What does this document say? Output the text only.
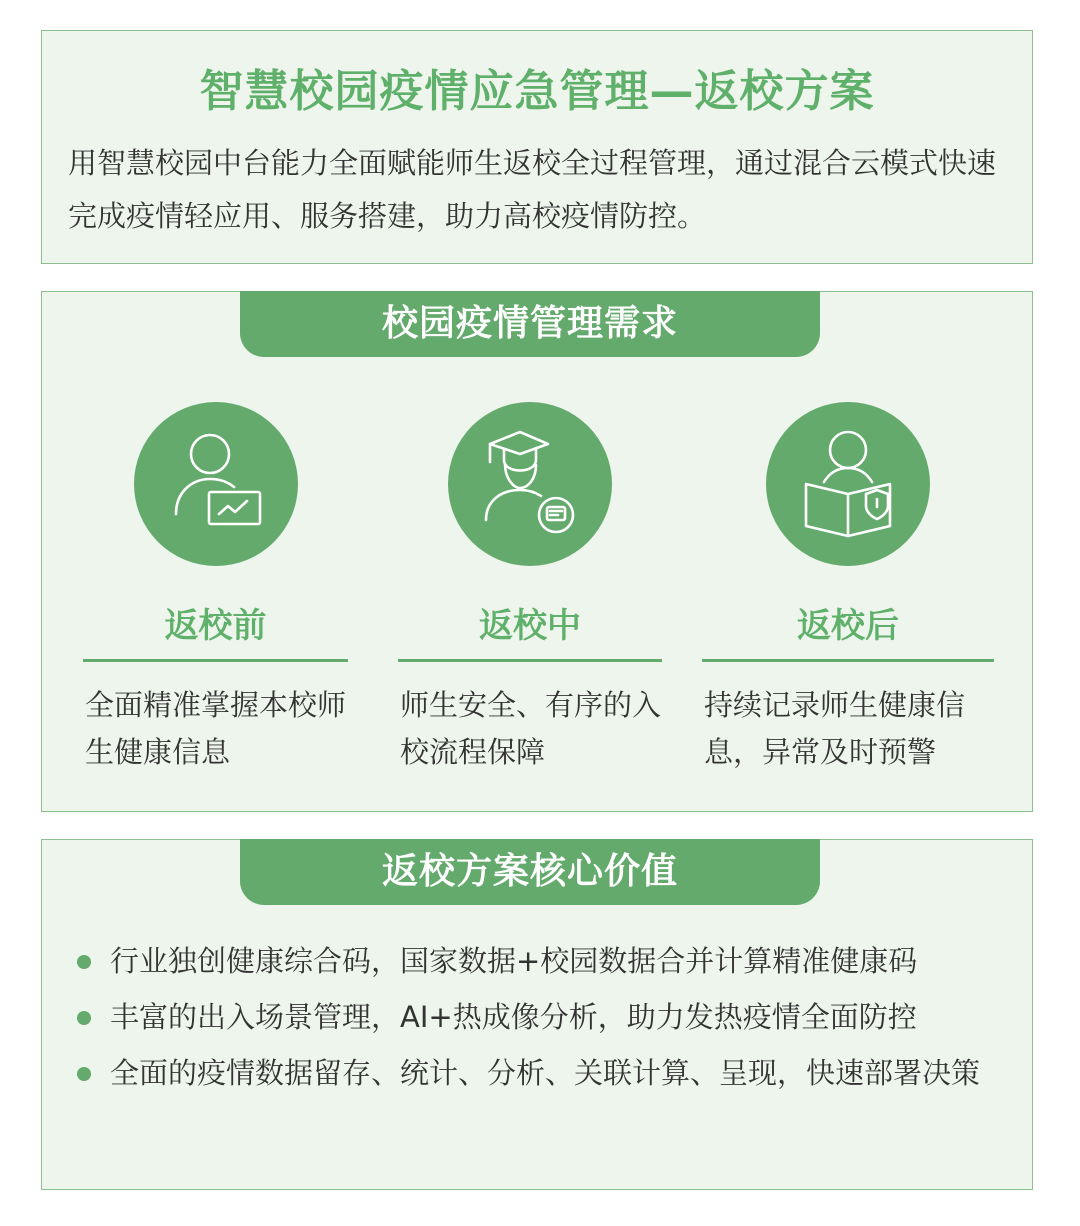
智慧校园疫情应急管理—返校方案

用智慧校园中台能力全面赋能师生返校全过程管理，通过混合云模式快速完成疫情轻应用、服务搭建，助力高校疫情防控。

校园疫情管理需求
返校前

全面精准掌握本校师生健康信息

返校中

师生安全、有序的入校流程保障

返校后

持续记录师生健康信息，异常及时预警

返校方案核心价值
行业独创健康综合码，国家数据+校园数据合并计算精准健康码
丰富的出入场景管理，AI+热成像分析，助力发热疫情全面防控
全面的疫情数据留存、统计、分析、关联计算、呈现，快速部署决策
